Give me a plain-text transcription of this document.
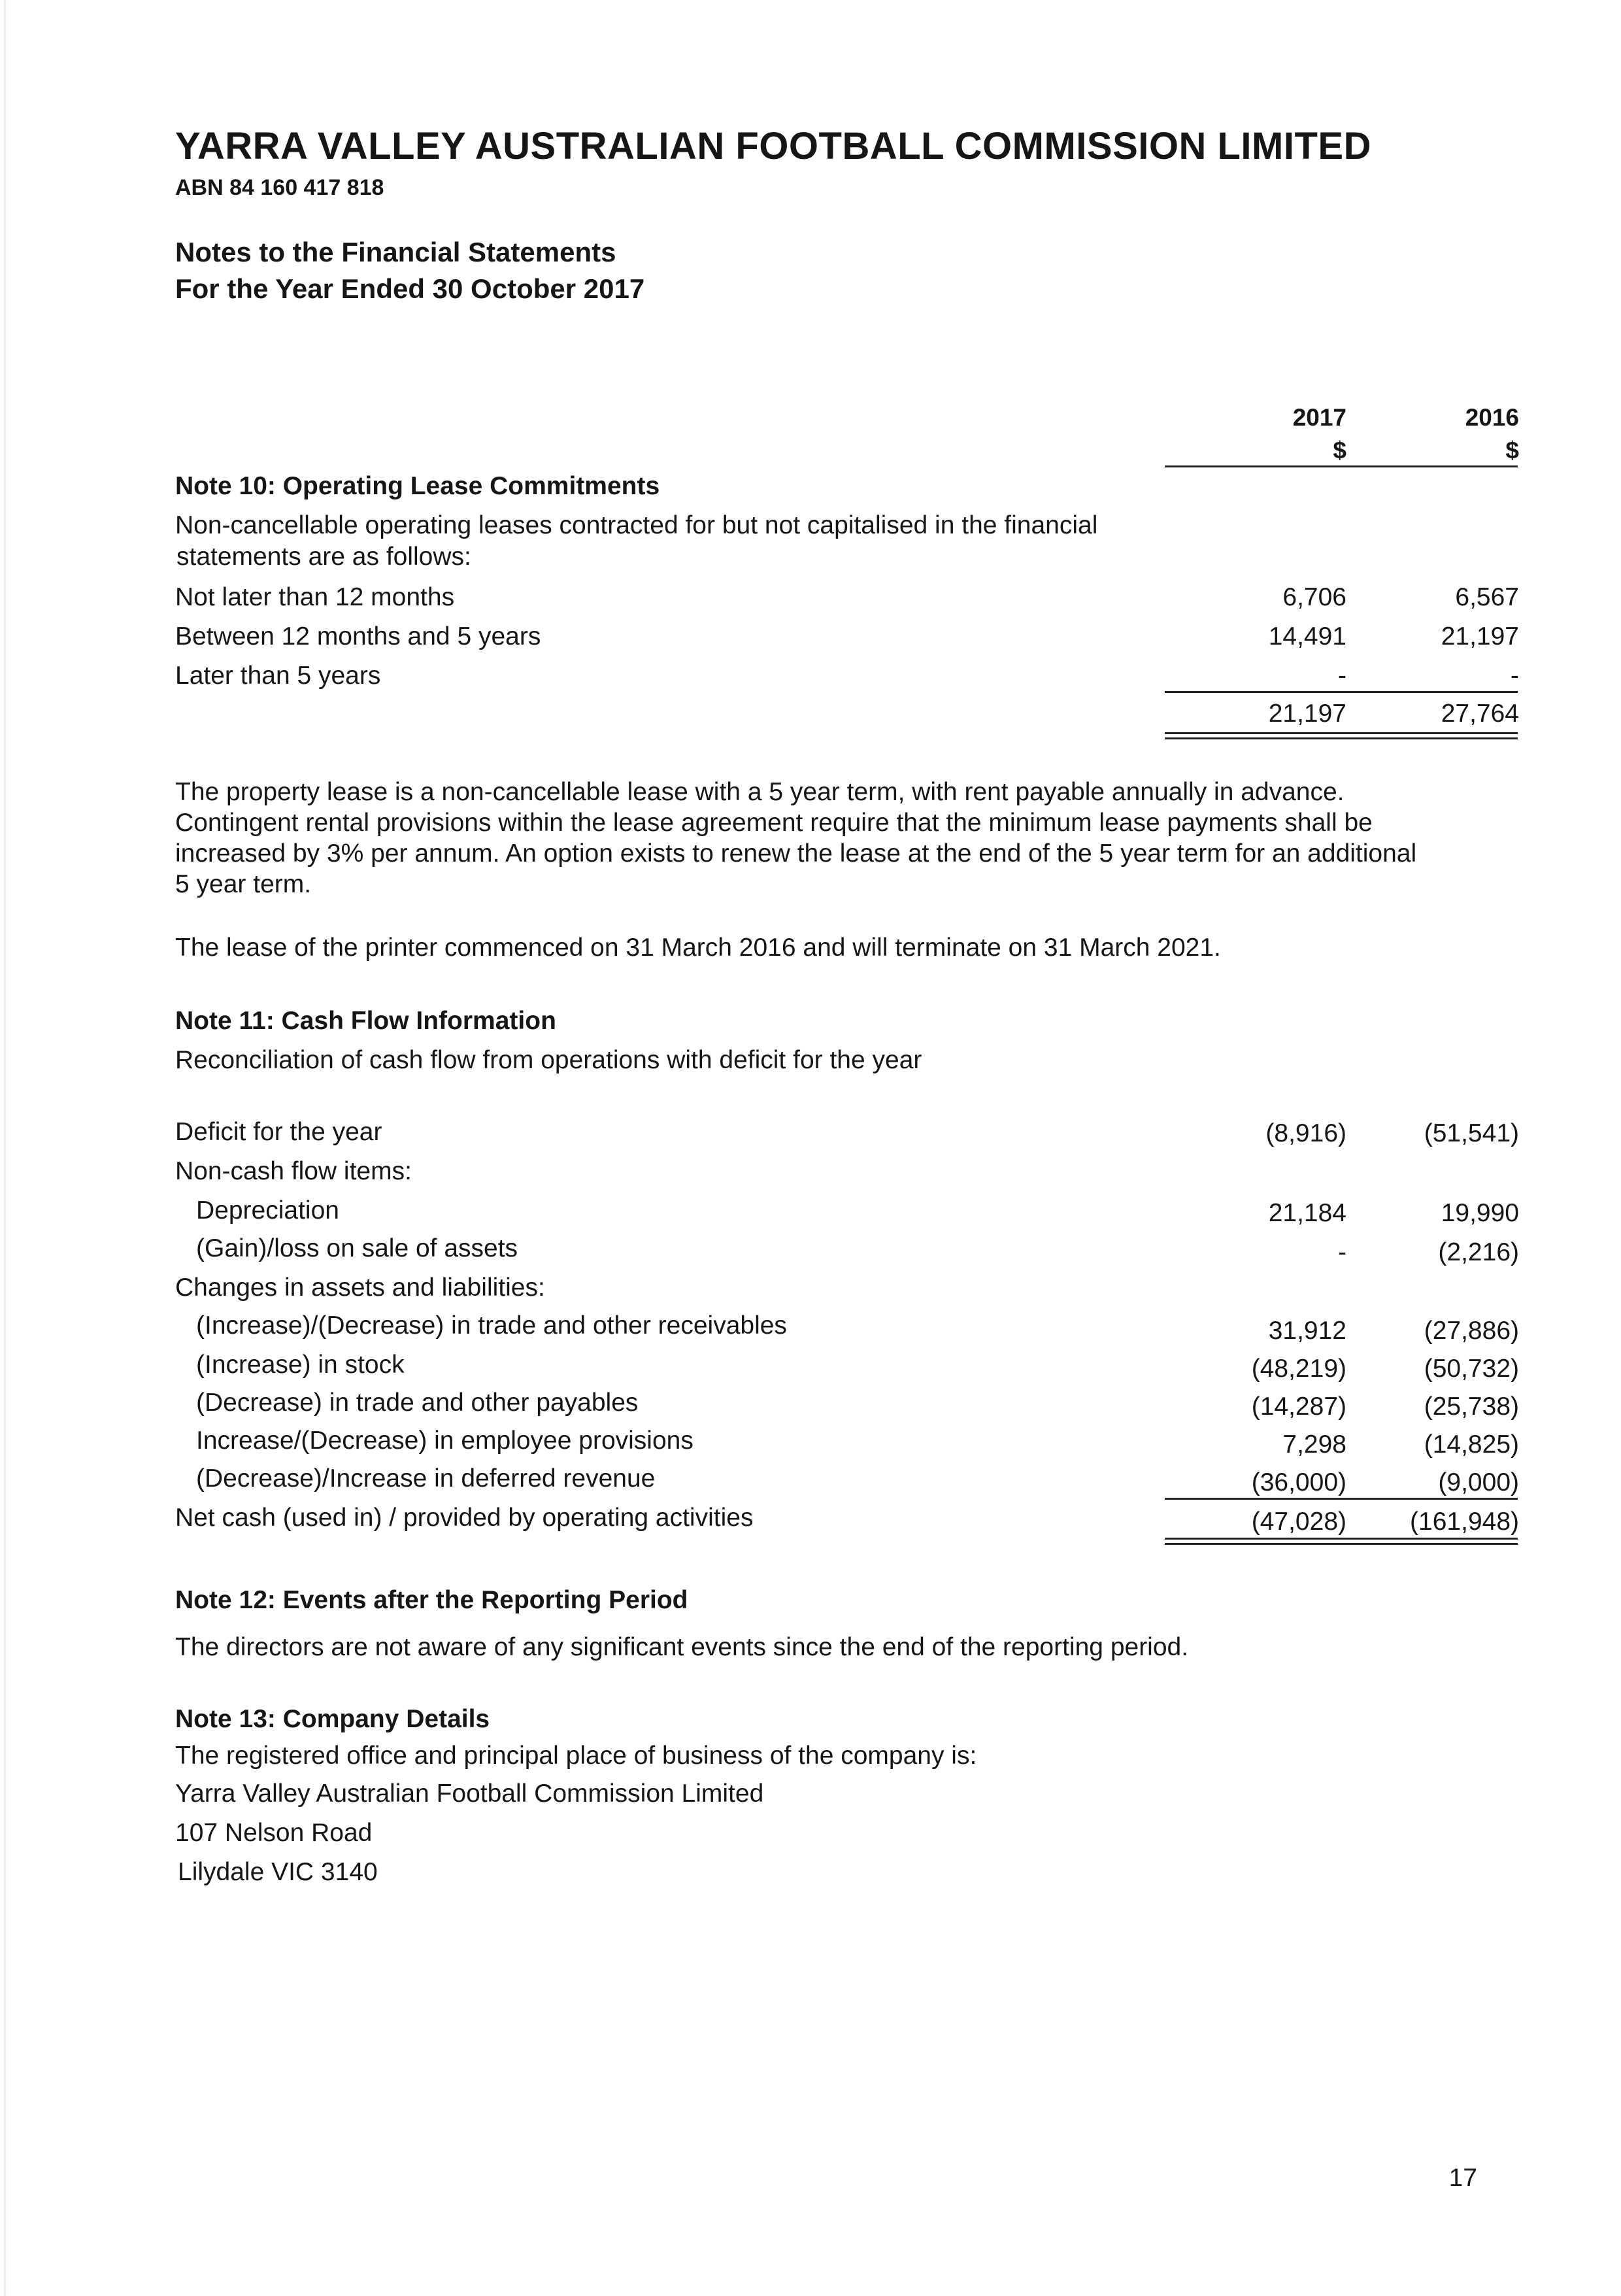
YARRA VALLEY AUSTRALIAN FOOTBALL COMMISSION LIMITED
ABN 84 160 417 818
Notes to the Financial Statements
For the Year Ended 30 October 2017
2017	2016
$	$
Note 10: Operating Lease Commitments
Non-cancellable operating leases contracted for but not capitalised in the financial
statements are as follows:
Not later than 12 months	6,706	6,567
Between 12 months and 5 years	14,491	21,197
Later than 5 years	-	-
21,197	27,764
The property lease is a non-cancellable lease with a 5 year term, with rent payable annually in advance.
Contingent rental provisions within the lease agreement require that the minimum lease payments shall be
increased by 3% per annum. An option exists to renew the lease at the end of the 5 year term for an additional
5 year term.
The lease of the printer commenced on 31 March 2016 and will terminate on 31 March 2021.
Note 11: Cash Flow Information
Reconciliation of cash flow from operations with deficit for the year
Deficit for the year	(8,916)	(51,541)
Non-cash flow items:
Depreciation	21,184	19,990
(Gain)/loss on sale of assets	-	(2,216)
Changes in assets and liabilities:
(Increase)/(Decrease) in trade and other receivables	31,912	(27,886)
(Increase) in stock	(48,219)	(50,732)
(Decrease) in trade and other payables	(14,287)	(25,738)
Increase/(Decrease) in employee provisions	7,298	(14,825)
(Decrease)/Increase in deferred revenue	(36,000)	(9,000)
Net cash (used in) / provided by operating activities	(47,028) (161,948)
Note 12: Events after the Reporting Period
The directors are not aware of any significant events since the end of the reporting period.
Note 13: Company Details
The registered office and principal place of business of the company is:
Yarra Valley Australian Football Commission Limited
107 Nelson Road
Lilydale VIC 3140
17
